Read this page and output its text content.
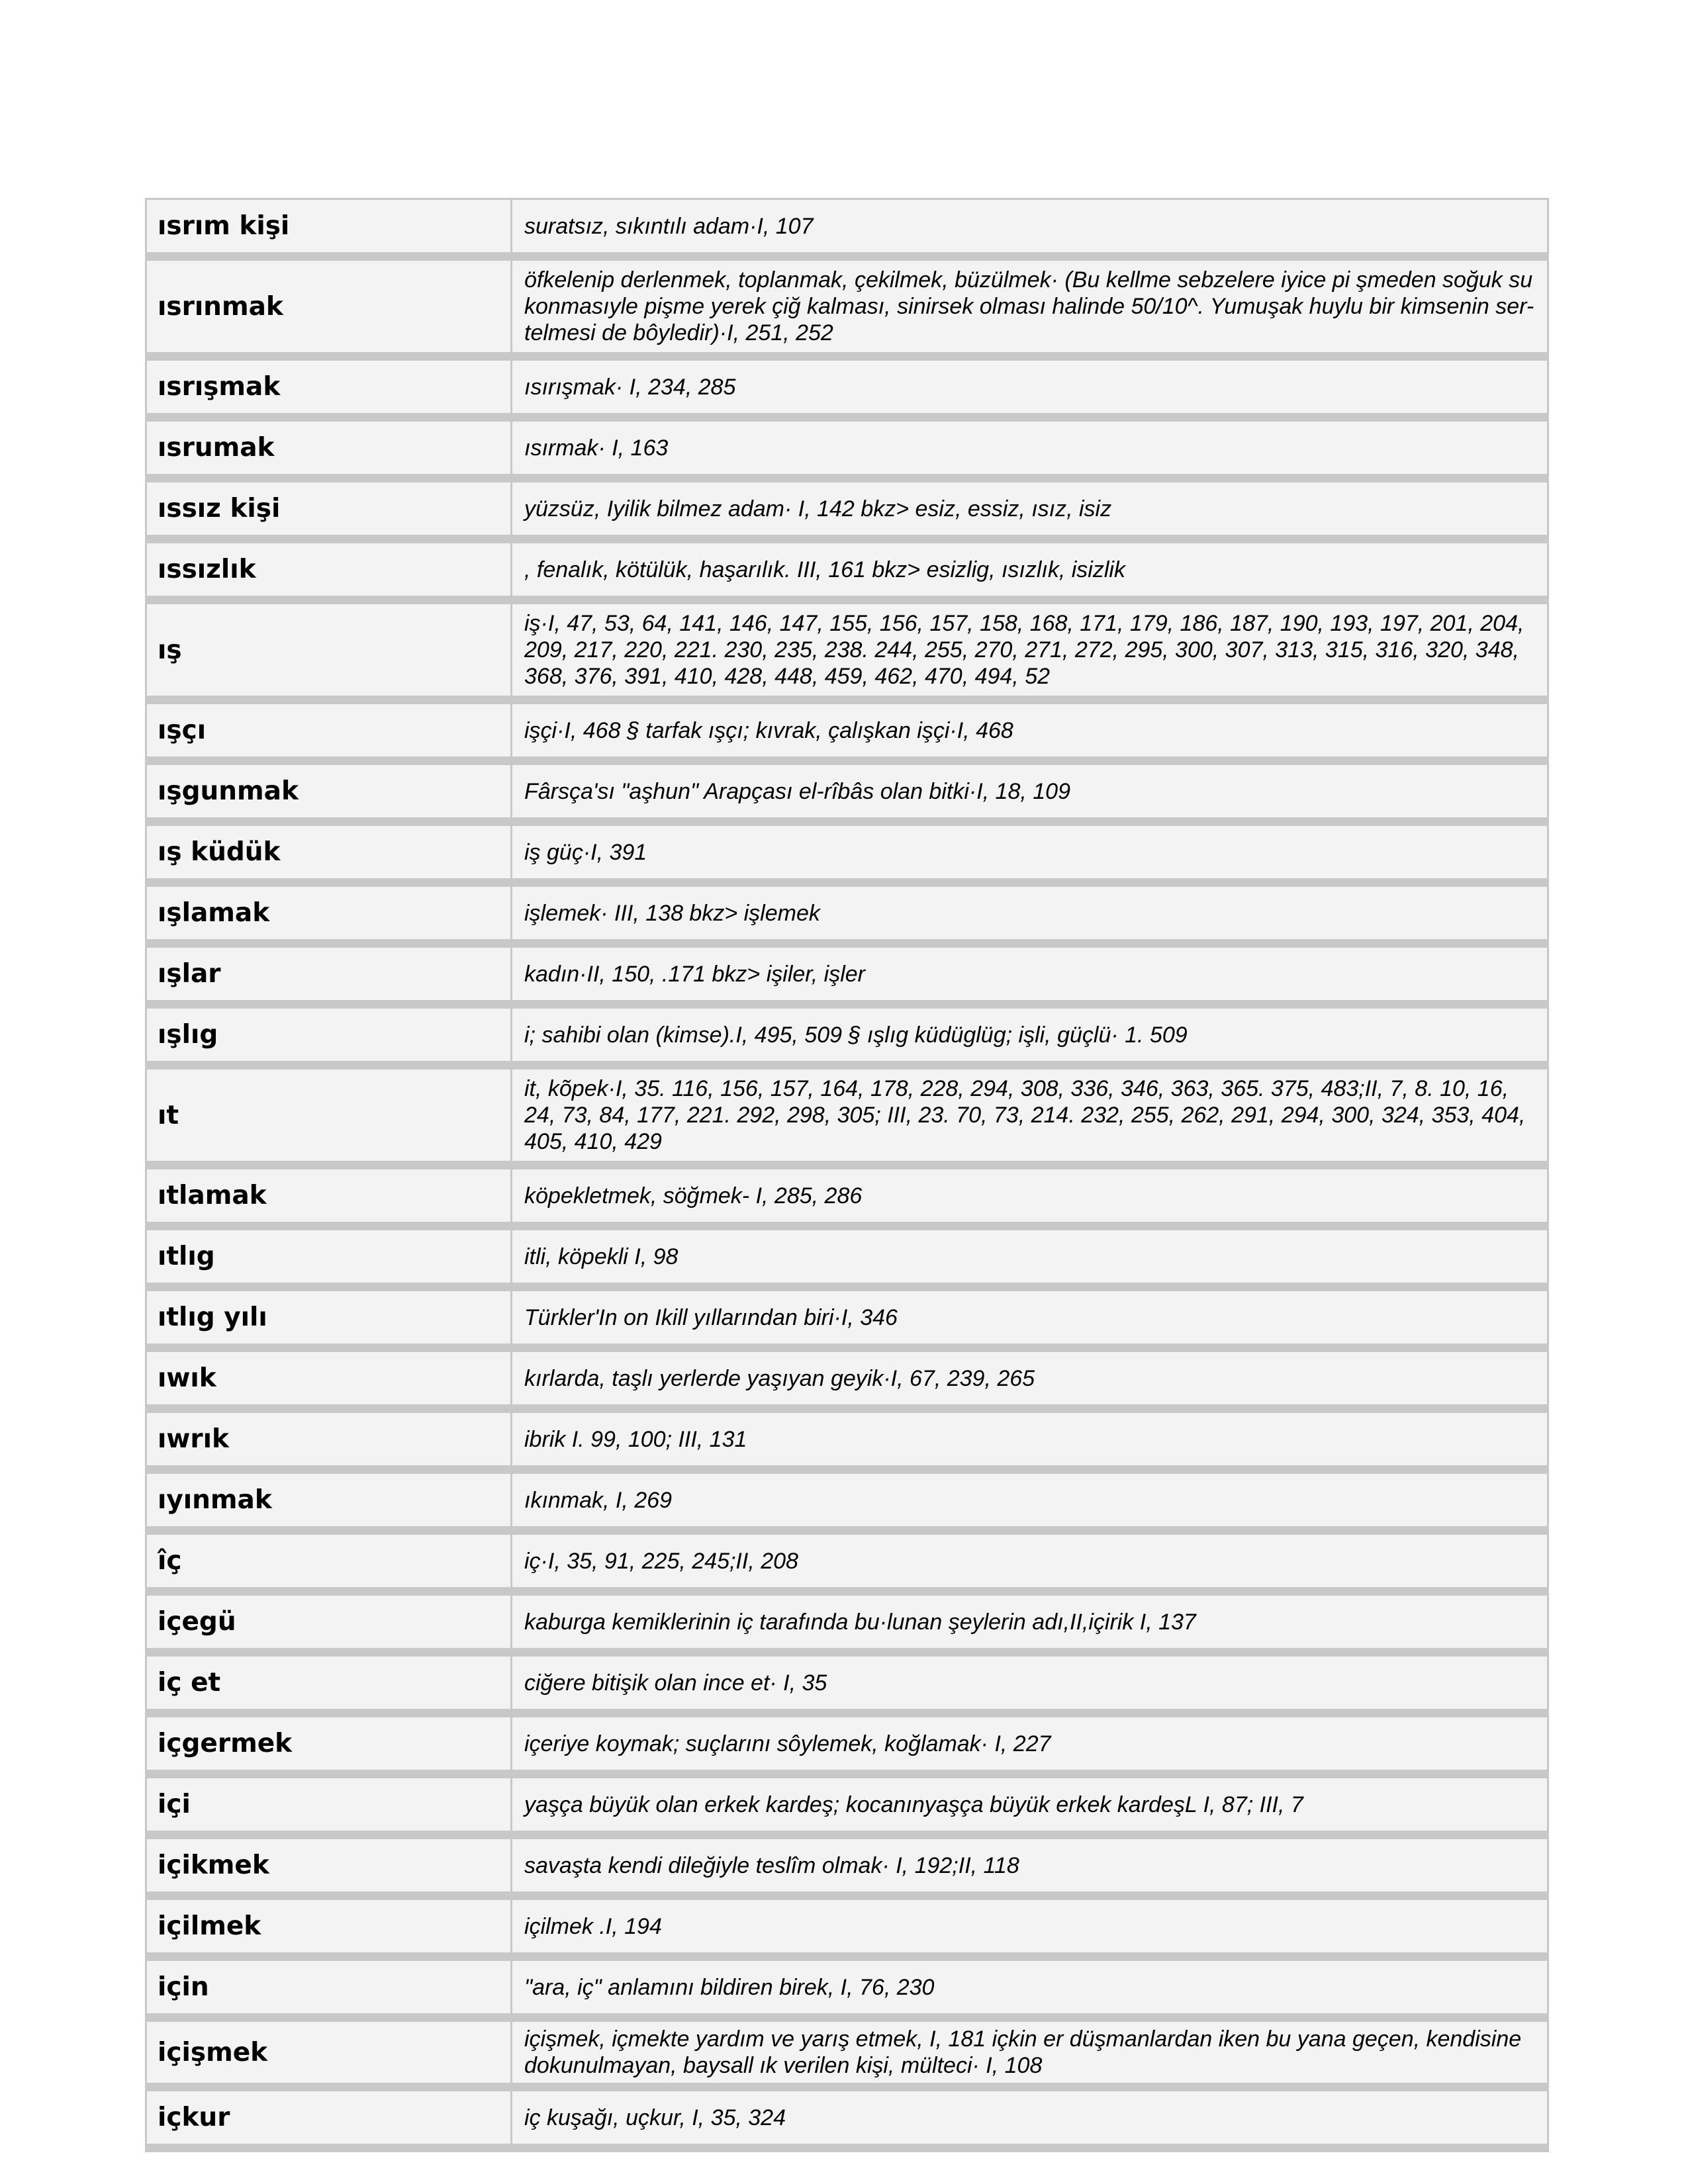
ısrım kişi	suratsız, sıkıntılı adam·I, 107
ısrınmak	öfkelenip derlenmek, toplanmak, çekilmek, büzülmek· (Bu kellme sebzelere iyice pi şmeden soğuk su konmasıyle pişme yerek çiğ kalması, sinirsek olması halinde 50/10^. Yumuşak huylu bir kimsenin ser-telmesi de bôyledir)·I, 251, 252
ısrışmak	ısırışmak· I, 234, 285
ısrumak	ısırmak· I, 163
ıssız kişi	yüzsüz, Iyilik bilmez adam· I, 142 bkz> esiz, essiz, ısız, isiz
ıssızlık	, fenalık, kötülük, haşarılık. III, 161 bkz> esizlig, ısızlık, isizlik
ış	iş·I, 47, 53, 64, 141, 146, 147, 155, 156, 157, 158, 168, 171, 179, 186, 187, 190, 193, 197, 201, 204, 209, 217, 220, 221. 230, 235, 238. 244, 255, 270, 271, 272, 295, 300, 307, 313, 315, 316, 320, 348, 368, 376, 391, 410, 428, 448, 459, 462, 470, 494, 52
ışçı	işçi·I, 468 § tarfak ışçı; kıvrak, çalışkan işçi·I, 468
ışgunmak	Fârsça'sı "aşhun" Arapçası el-rîbâs olan bitki·I, 18, 109
ış küdük	iş güç·I, 391
ışlamak	işlemek· III, 138 bkz> işlemek
ışlar	kadın·II, 150, .171 bkz> işiler, işler
ışlıg	i; sahibi olan (kimse).I, 495, 509 § ışlıg küdüglüg; işli, güçlü· 1. 509
ıt	it, kõpek·I, 35. 116, 156, 157, 164, 178, 228, 294, 308, 336, 346, 363, 365. 375, 483;II, 7, 8. 10, 16, 24, 73, 84, 177, 221. 292, 298, 305; III, 23. 70, 73, 214. 232, 255, 262, 291, 294, 300, 324, 353, 404, 405, 410, 429
ıtlamak	köpekletmek, söğmek- I, 285, 286
ıtlıg	itli, köpekli I, 98
ıtlıg yılı	Türkler'In on Ikill yıllarından biri·I, 346
ıwık	kırlarda, taşlı yerlerde yaşıyan geyik·I, 67, 239, 265
ıwrık	ibrik I. 99, 100; III, 131
ıyınmak	ıkınmak, I, 269
îç	iç·I, 35, 91, 225, 245;II, 208
içegü	kaburga kemiklerinin iç tarafında bu·lunan şeylerin adı,II,içirik I, 137
iç et	ciğere bitişik olan ince et· I, 35
içgermek	içeriye koymak; suçlarını sôylemek, koğlamak· I, 227
içi	yaşça büyük olan erkek kardeş; kocanınyaşça büyük erkek kardeşL I, 87; III, 7
içikmek	savaşta kendi dileğiyle teslîm olmak· I, 192;II, 118
içilmek	içilmek .I, 194
için	"ara, iç" anlamını bildiren birek, I, 76, 230
içişmek	içişmek, içmekte yardım ve yarış etmek, I, 181 içkin er düşmanlardan iken bu yana geçen, kendisine dokunulmayan, baysall ık verilen kişi, mülteci· I, 108
içkur	iç kuşağı, uçkur, I, 35, 324
